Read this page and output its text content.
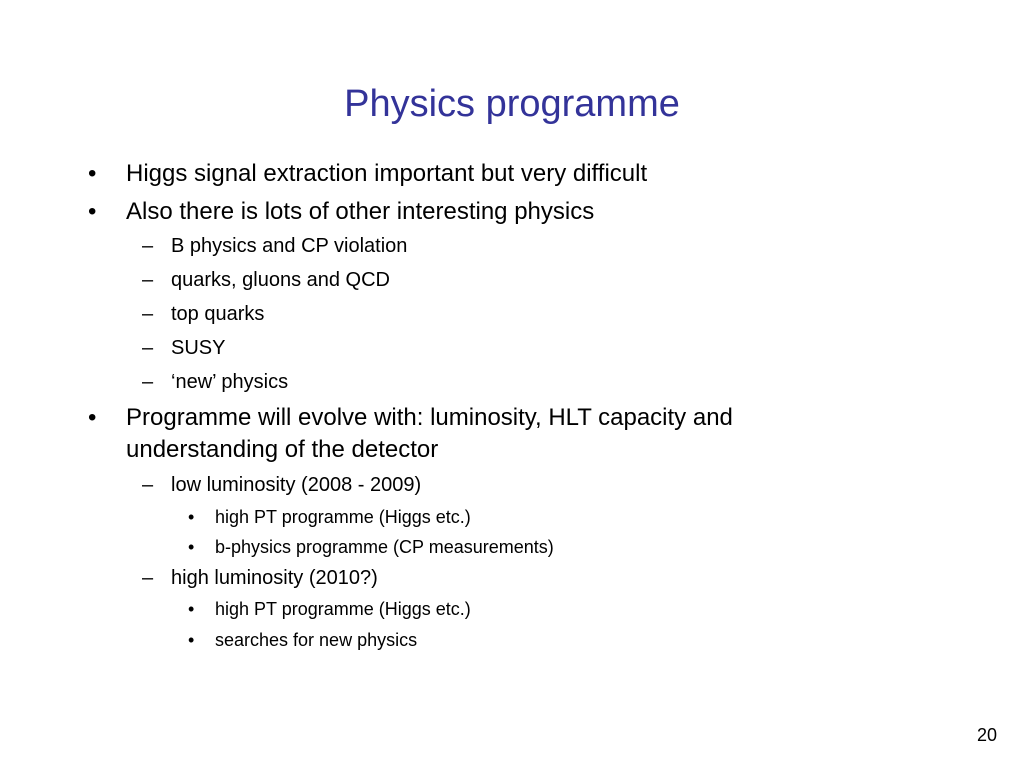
Physics programme
• Higgs signal extraction important but very difficult
• Also there is lots of other interesting physics
– B physics and CP violation
– quarks, gluons and QCD
– top quarks
– SUSY
– ‘new’ physics
• Programme will evolve with: luminosity, HLT capacity and understanding of the detector
– low luminosity (2008 - 2009)
• high PT programme (Higgs etc.)
• b-physics programme (CP measurements)
– high luminosity (2010?)
• high PT programme (Higgs etc.)
• searches for new physics
20
